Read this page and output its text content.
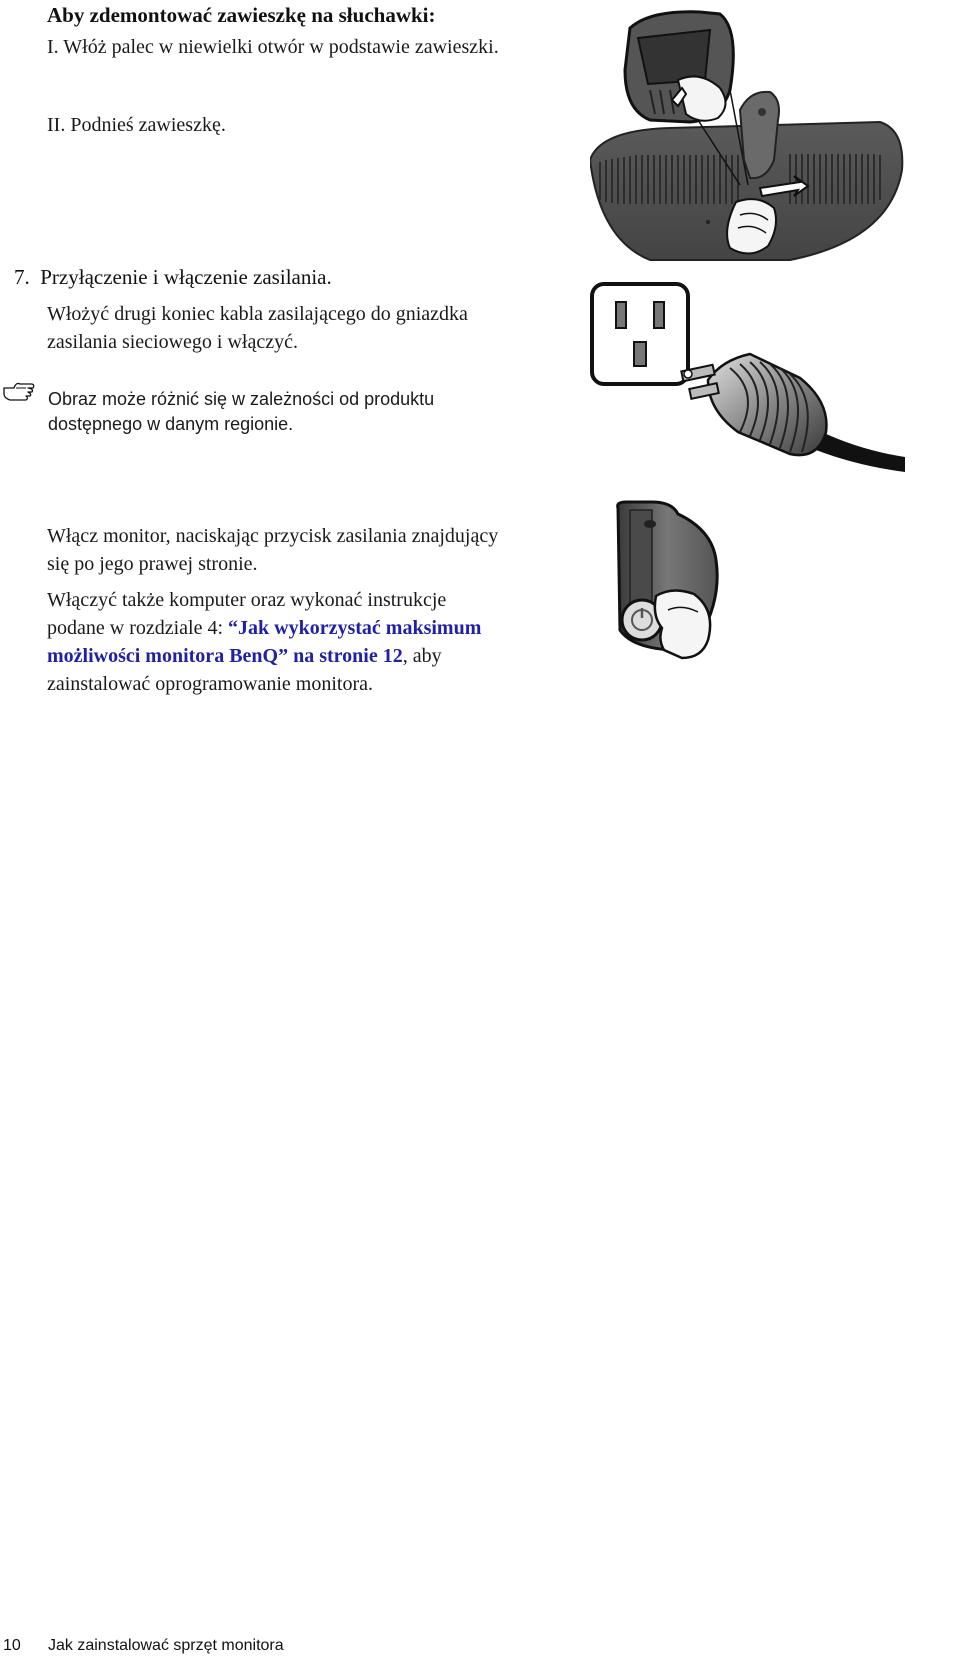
Aby zdemontować zawieszkę na słuchawki:
I. Włóż palec w niewielki otwór w podstawie zawieszki.
II. Podnieś zawieszkę.
7.  Przyłączenie i włączenie zasilania.
Włożyć drugi koniec kabla zasilającego do gniazdka
zasilania sieciowego i włączyć.
Obraz może różnić się w zależności od produktu
dostępnego w danym regionie.
Włącz monitor, naciskając przycisk zasilania znajdujący
się po jego prawej stronie.
Włączyć także komputer oraz wykonać instrukcje
podane w rozdziale 4: “Jak wykorzystać maksimum
możliwości monitora BenQ” na stronie 12, aby
zainstalować oprogramowanie monitora.
10 Jak zainstalować sprzęt monitora
